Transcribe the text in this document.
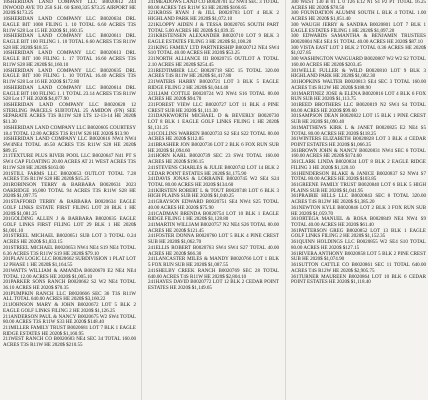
10SHERIDAN LAND COMPANY LLC B0020612 244 INWOOD AVE TO 250 S.H. 60 $360,335 $73.25 AIRPORT HE 2020$ $173.25

10SHERIDAN LAND COMPANY LLC B0020634 DRL EAGLE BIT 1008 FILING 1. 10 TOTAL 6.60 ACRES T3S R11W S28 Lot 15 HE 2020$ $1,160.15

10SHERIDAN LAND COMPANY LLC B0020611 DRL EAGLE BIT 100 FILING 1. 10 TOTAL 6.60 ACRES T3S R11W S28 HE 2020$ $18.55

10SHERIDAN LAND COMPANY LLC B0020613 DRL EAGLE BIT 100 FILING 1. 17 TOTAL 16.60 ACRES T3S R11W S28 HE 2020$ $1,160.10

10SHERIDAN LAND COMPANY LLC B0020635 DRL EAGLE BIT 100 FILING 1. 10 TOTAL 16.40 ACRES T3S R11W S28 Lot 16 HE 2020$ $172.80

10SHERIDAN LAND COMPANY LLC B0020614 DRL EAGLE BIT 100 FILING 1. 1 TOTAL 23.14 ACRES T3S R11W S28 Lot 17 HE 2020$ $4,077.90

10SHERIDAN LAND COMPANY LLC B0020628 12 STERLING PARCELS SUBTOTAL 25 AMIDON (FN) SEE SEPARATE ACRES T3S R11W S28 LTS 12-13-14 HE 2020$ $11.30

10SHERIDAN LAND COMPANY LLC B0020605 COURTESY 18.4 TOTAL 12.80 ACRES T3S R11W S28 HE 2020$ $13.90

10SHERIDAN LAND COMPANY LLC B0020616 NW4 NW4 SW4NE4 TOTAL 46.50 ACRES T3S R11W S28 HE 2020$ $89.15

211TEXTURE PLUS RIVER POOL LLC B0020647 N41 PT S SW4 CAP FLOATING 20.00 ACRES AT 21 WEST ACRES T3S R11W S28 HE 2020$ $163.00

201STILL FARMS LLC B0020653 OUTLOT TOTAL 7.28 ACRES T3S R11W S28 HE 2020$ $15.25

201ROBINSON TERRY & BARBARA B0020631 2023 OAKRIDGE 16,000 TOTAL 94 ACRES T3S R11W S28 HE 2020$ $1,097.75

201STAFFORD TERRY & BARBARA B0020634 EAGLE GOLF LINKS ESTATE FIRST FILING LOT 28 BLK 1 HE 2020$ $1,081.25

201GOLDING ALLEN J & BARBARA B0020635 EAGLE GOLF LINKS FIRST FILING LOT 29 BLK 1 HE 2020$ $1,001.10

201STREEL MICHAEL B0020651 SUB LOT 3 TOTAL 0.24 ACRES HE 2020$ $1,033.15

201STREEL MICHAEL B0020653 NW4 NE4 S19 NE4 TOTAL 6.36 ACRES T3S R11W S19 HE 2020$ $79.10

201PLAN LOGIC LLC B0020662 SUBDIVISION 1 PLAT LOT 12 PHASE 1 HE 2020$ $1,164.55

201WATTS WILLIAM & AMANDA B0020670 E2 NE4 NE4 TOTAL 12.00 ACRES HE 2020$ $1,005.10

201PARKER SONS RANCH B0020662 S2 W2 NE4 TOTAL 36.10 ACRES HE 2020$ $70.35

201PUMPKIN RANCH LLC B0020666 SEC 36 T3S R11W ALL TOTAL 640.00 ACRES HE 2020$ $3,160.22

211JOHNSON MARY & JOHN B0020672 LOT 5 BLK 2 EAGLE GOLF LINKS FILING 2 HE 2020$ $1,126.25

211ANDERSON PAUL & NANCY B0020675 W2 SW4 TOTAL 80.00 ACRES T3S R11W S33 HE 2020$ $148.40

211MILLER FAMILY TRUST B0020681 LOT 7 BLK 1 EAGLE RIDGE ESTATES HE 2020$ $1,160.95

211WEST RANCH CO B0020683 NE4 SEC 34 TOTAL 160.00 ACRES T3S R11W HE 2020$ $210.55

241MEADOWS LAND CO B0020701 E2 NW4 SEC 3 TOTAL 80.00 ACRES T4S R11W S3 HE 2020$ $166.65

221KROSS RYAN J & JILL B0020703 LOT 4 BLK 2 HIGHLAND PARK HE 2020$ $1,072.10

221KLOPPY AIDEN J & TESSA B0020705 SOUTH PART TOTAL 5.00 ACRES HE 2020$ $1,039.35

231KRISTENSEN ALEXANDER B0020710 LOT 9 BLK 3 EAGLE ESTATES FILING 3 HE 2020$ $1,108.20

231KING FAMILY LTD PARTNERSHIP B0020712 NE4 SW4 S10 TOTAL 40.00 ACRES HE 2020$ $53.25

231NORTH ALLIANCE III B0020715 OUTLOT A TOTAL 2.10 ACRES HE 2020$ $254.45

231REDTIMBER LLC B0020718 SEC 15 TOTAL 320.00 ACRES T4S R11W HE 2020$ $1,417.80

231WATERS HARRY B0020721 LOT 3 BLK 5 EAGLE RIDGE FILING 2 HE 2020$ $1,044.40

231LIAM COTTLE B0020724 W2 NW4 S16 TOTAL 80.00 ACRES HE 2020$ $94.70

231FOREST VIEW LLC B0020727 LOT 11 BLK 4 PINE CREST SUB HE 2020$ $1,111.30

231DANKWORTH MICHAEL D & BEVERLY B0020730 LOT 8 BLK 1 EAGLE GOLF LINKS FILING 1 HE 2020$ $1,131.25

241COLLINS WARREN B0020733 S2 SE4 S22 TOTAL 80.00 ACRES HE 2020$ $112.85

241BRASHER JON B0020736 LOT 2 BLK 6 FOX RUN SUB HE 2020$ $1,094.60

241HORN KARL B0020739 SEC 23 SW4 TOTAL 160.00 ACRES HE 2020$ $196.15

241STEVENS CHARLES & JULIE B0020742 LOT 14 BLK 2 CEDAR POINT ESTATES HE 2020$ $1,175.90

241DAVIS JONAS & LORRAINE B0020745 W2 SE4 S24 TOTAL 80.00 ACRES HE 2020$ $134.60

241KIRSTEN ROBERT L & TOUT B0020748 LOT 6 BLK 3 HIGH PLAINS SUB HE 2020$ $1,040.25

241GRAYSON EDWARD B0020751 SE4 NW4 S25 TOTAL 40.00 ACRES HE 2020$ $75.90

241CADMAN BRENDA B0020754 LOT 10 BLK 1 EAGLE RIDGE FILING 1 HE 2020$ $1,128.80

241MARTIN WILLIAM B0020757 N2 NE4 S26 TOTAL 80.00 ACRES HE 2020$ $121.45

241FOSTER DONNA B0020760 LOT 5 BLK 4 PINE CREST SUB HE 2020$ $1,062.70

241ELLIS ROBERT B0020763 SW4 SW4 S27 TOTAL 40.00 ACRES HE 2020$ $66.30

241LANCASTER MILES & MANDY B0020766 LOT 1 BLK 5 FOX RUN SUB HE 2020$ $1,087.55

241SHELBY CREEK RANCH B0020769 SEC 28 TOTAL 640.00 ACRES T4S R11W HE 2020$ $2,804.10

241HAYES DAVID B0020772 LOT 12 BLK 2 CEDAR POINT ESTATES HE 2020$ $1,149.65

300 WEST 130 B 01 L 0 T26 E12 N1 S1 P2 PT TOTAL 16.25 ACRES HE 2020$ $78.50

300 FOUNDATION ALUMNI SOUTH L BLK 4 TOTAL 1.00 ACRES HE 2020$ $1,051.40

300 WAUGH JERRY & SANDRA B0020801 LOT 7 BLK 1 EAGLE ESTATES FILING 1 HE 2020$ $1,097.20

300 EDWARDS SAMANTHA & BENJAMIN TRUSTEES B0020804 NE4 SE4 S1 TOTAL 40.00 ACRES HE 2020$ $87.10

300 VISTA EAST LOT 3 BLK 2 TOTAL 0.36 ACRES HE 2020$ $1,027.85

300 WASHINGTON VANGUARD B0020807 W2 W2 S2 TOTAL 160.00 ACRES HE 2020$ $203.45

301WELLE FULLER & WILD B0020810 LOT 9 BLK 3 HIGHLAND PARK HE 2020$ $1,082.30

301HOPKINS WALTER B0020813 SE4 SEC 3 TOTAL 160.00 ACRES T4S R12W HE 2020$ $188.90

301MARTINEZ JOSE & ELENA B0020816 LOT 4 BLK 6 FOX RUN SUB HE 2020$ $1,113.75

301REED BROTHERS LLC B0020819 N2 SW4 S4 TOTAL 80.00 ACRES HE 2020$ $99.60

301SAMPSON DEAN B0020822 LOT 15 BLK 1 PINE CREST SUB HE 2020$ $1,090.40

361MATTHEWS KIRK L & JANET B0020825 E2 NE4 S5 TOTAL 80.00 ACRES HE 2020$ $118.25

361WINTERS ELIZABETH B0020828 LOT 3 BLK 4 CEDAR POINT ESTATES HE 2020$ $1,066.35

361BROWN JOHN & NANCY B0020831 NW4 SEC 6 TOTAL 160.00 ACRES HE 2020$ $174.60

361CLARK LINDA B0020834 LOT 8 BLK 2 EAGLE RIDGE FILING 3 HE 2020$ $1,120.10

361HENDERSON BLAKE & JANICE B0020837 S2 NW4 S7 TOTAL 80.00 ACRES HE 2020$ $103.85

361GREENE FAMILY TRUST B0020840 LOT 6 BLK 5 HIGH PLAINS SUB HE 2020$ $1,041.95

361PRAIRIE HILLS LLC B0020843 SEC 8 TOTAL 320.00 ACRES T4S R12W HE 2020$ $1,385.20

361NEWTON KYLE B0020846 LOT 2 BLK 3 FOX RUN SUB HE 2020$ $1,059.70

361ORTEGA MANUEL & ROSA B0020849 NE4 NW4 S9 TOTAL 40.00 ACRES HE 2020$ $61.40

361PATTERSON GREG B0020852 LOT 13 BLK 1 EAGLE GOLF LINKS FILING 2 HE 2020$ $1,152.35

361QUINN HOLDINGS LLC B0020855 W2 SE4 S10 TOTAL 80.00 ACRES HE 2020$ $127.15

361RIVERA ANTHONY B0020858 LOT 5 BLK 2 PINE CREST SUB HE 2020$ $1,074.90

361SUTTON CATTLE CO B0020861 SEC 11 TOTAL 640.00 ACRES T4S R12W HE 2020$ $2,905.75

361TURNER MAUREEN B0020864 LOT 10 BLK 6 CEDAR POINT ESTATES HE 2020$ $1,118.40
